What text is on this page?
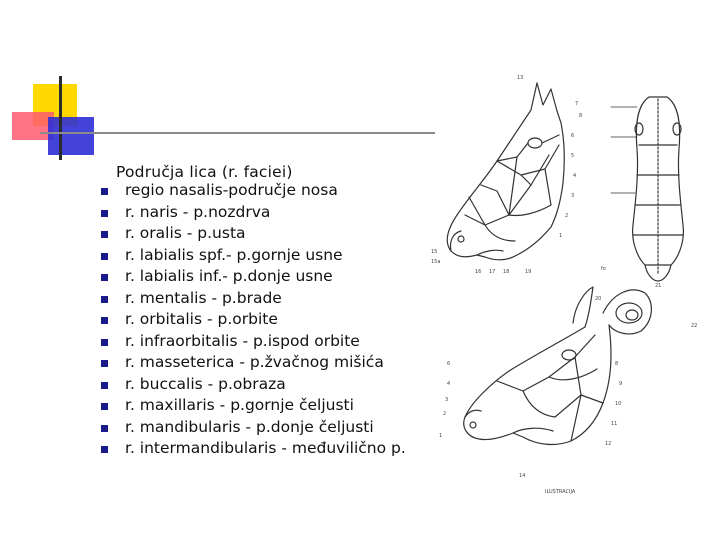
Područja lica (r. faciei)
regio nasalis-područje nosa
r. naris - p.nozdrva
r. oralis - p.usta
r. labialis spf.- p.gornje usne
r. labialis inf.- p.donje usne
r. mentalis - p.brade
r. orbitalis - p.orbite
r. infraorbitalis - p.ispod orbite
r. masseterica - p.žvačnog mišića
r. buccalis - p.obraza
r. maxillaris - p.gornje čeljusti
r. mandibularis - p.donje čeljusti
r. intermandibularis - međuvilično p.
13
7
8
6
5
4
3
2
1
15
15a
16 17 18	19	fo
20
21
22
6
4
3
2
1
8
9
10
11
12
14
ILUSTRACIJA
